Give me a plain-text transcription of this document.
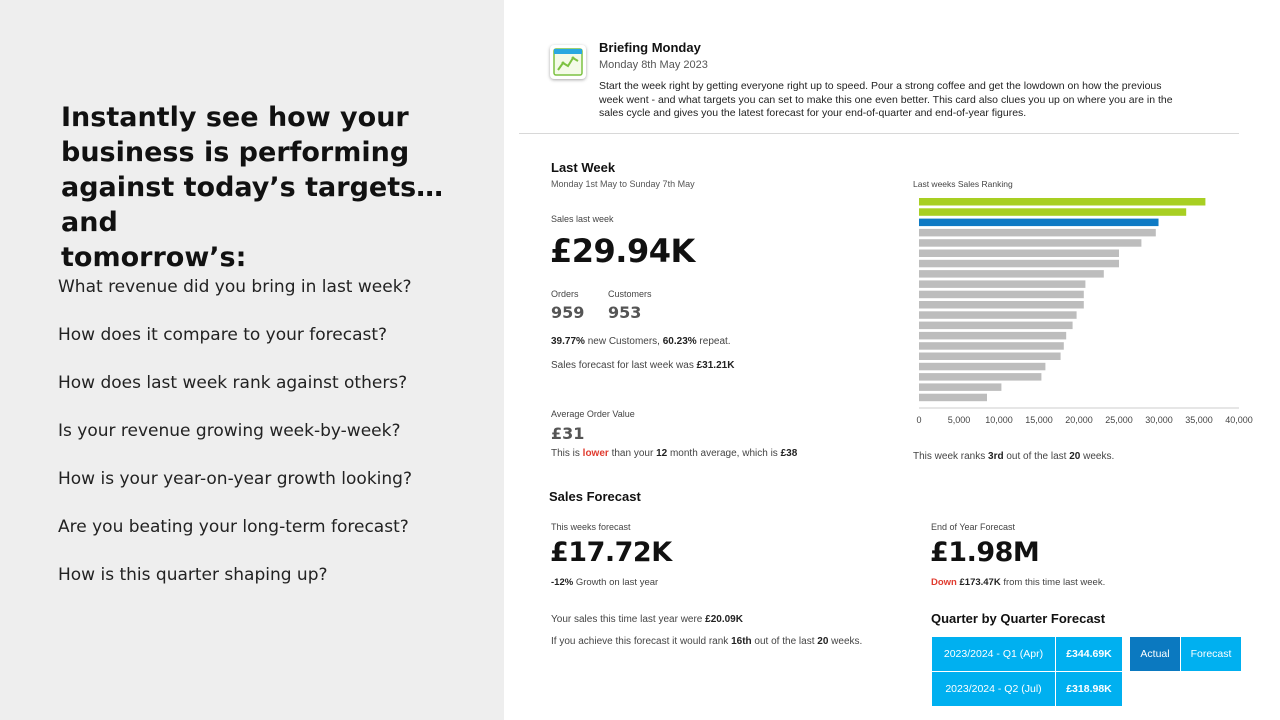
Instantly see how your
business is performing
against today’s targets…and
tomorrow’s:
What revenue did you bring in last week?
How does it compare to your forecast?
How does last week rank against others?
Is your revenue growing week-by-week?
How is your year-on-year growth looking?
Are you beating your long-term forecast?
How is this quarter shaping up?
Briefing Monday
Monday 8th May 2023
Start the week right by getting everyone right up to speed. Pour a strong coffee and get the lowdown on how the previous week went - and what targets you can set to make this one even better. This card also clues you up on where you are in the sales cycle and gives you the latest forecast for your end-of-quarter and end-of-year figures.
Last Week
Monday 1st May to Sunday 7th May
Sales last week
£29.94K
Orders
959
Customers
953
39.77% new Customers, 60.23% repeat.
Sales forecast for last week was £31.21K
Average Order Value
£31
This is lower than your 12 month average, which is £38
Last weeks Sales Ranking
0	5,000 10,000 15,000 20,000 25,000 30,000 35,000 40,000
This week ranks 3rd out of the last 20 weeks.
Sales Forecast
This weeks forecast
£17.72K
-12% Growth on last year
Your sales this time last year were £20.09K
If you achieve this forecast it would rank 16th out of the last 20 weeks.
End of Year Forecast
£1.98M
Down £173.47K from this time last week.
Quarter by Quarter Forecast
2023/2024 - Q1 (Apr)	£344.69K
2023/2024 - Q2 (Jul)	£318.98K
Actual	Forecast
